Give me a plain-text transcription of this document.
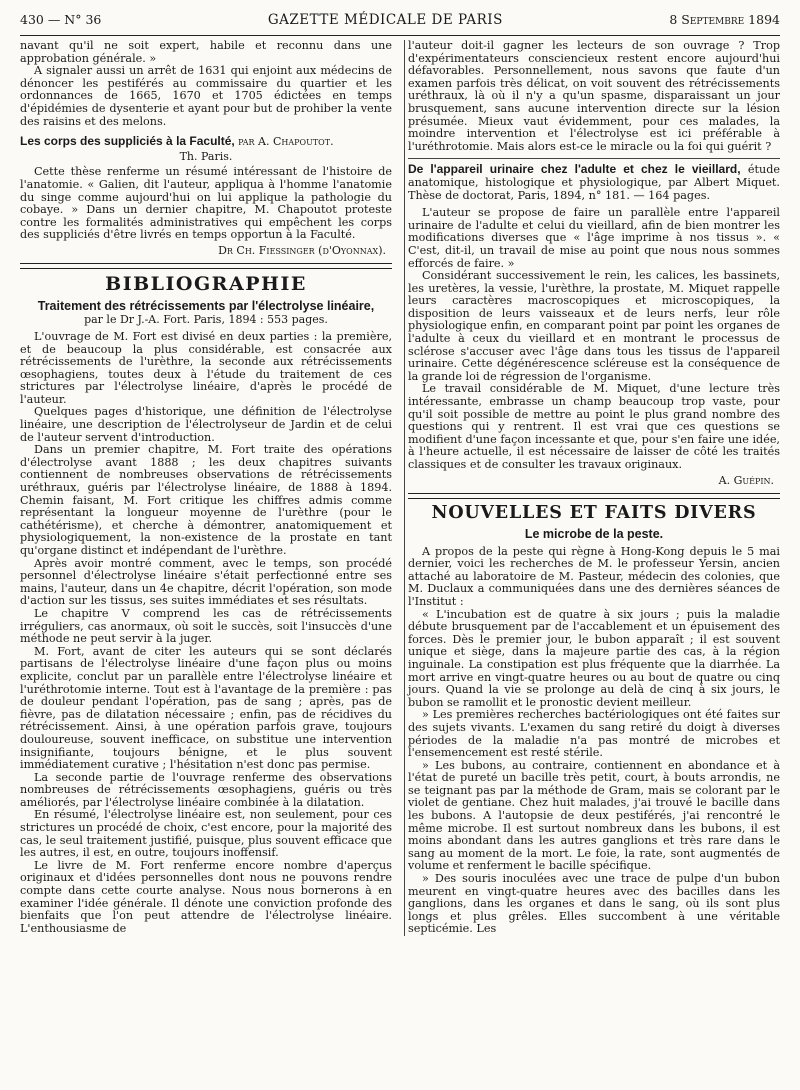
430 — N° 36	GAZETTE MÉDICALE DE PARIS	8 Septembre 1894

navant qu'il ne soit expert, habile et reconnu dans une approbation générale. »

A signaler aussi un arrêt de 1631 qui enjoint aux médecins de dénoncer les pestiférés au commissaire du quartier et les ordonnances de 1665, 1670 et 1705 édictées en temps d'épidémies de dysenterie et ayant pour but de prohiber la vente des raisins et des melons.

Les corps des suppliciés à la Faculté, par A. Chapoutot.
Th. Paris.

Cette thèse renferme un résumé intéressant de l'histoire de l'anatomie. « Galien, dit l'auteur, appliqua à l'homme l'anatomie du singe comme aujourd'hui on lui applique la pathologie du cobaye. » Dans un dernier chapitre, M. Chapoutot proteste contre les formalités administratives qui empêchent les corps des suppliciés d'être livrés en temps opportun à la Faculté.

Dr Ch. Fiessinger (d'Oyonnax).
BIBLIOGRAPHIE
Traitement des rétrécissements par l'électrolyse linéaire,
par le Dr J.-A. Fort. Paris, 1894 : 553 pages.

L'ouvrage de M. Fort est divisé en deux parties : la première, et de beaucoup la plus considérable, est consacrée aux rétrécissements de l'urèthre, la seconde aux rétrécissements œsophagiens, toutes deux à l'étude du traitement de ces strictures par l'électrolyse linéaire, d'après le procédé de l'auteur.

Quelques pages d'historique, une définition de l'électrolyse linéaire, une description de l'électrolyseur de Jardin et de celui de l'auteur servent d'introduction.

Dans un premier chapitre, M. Fort traite des opérations d'électrolyse avant 1888 ; les deux chapitres suivants contiennent de nombreuses observations de rétrécissements uréthraux, guéris par l'électrolyse linéaire, de 1888 à 1894. Chemin faisant, M. Fort critique les chiffres admis comme représentant la longueur moyenne de l'urèthre (pour le cathétérisme), et cherche à démontrer, anatomiquement et physiologiquement, la non-existence de la prostate en tant qu'organe distinct et indépendant de l'urèthre.

Après avoir montré comment, avec le temps, son procédé personnel d'électrolyse linéaire s'était perfectionné entre ses mains, l'auteur, dans un 4e chapitre, décrit l'opération, son mode d'action sur les tissus, ses suites immédiates et ses résultats.

Le chapitre V comprend les cas de rétrécissements irréguliers, cas anormaux, où soit le succès, soit l'insuccès d'une méthode ne peut servir à la juger.

M. Fort, avant de citer les auteurs qui se sont déclarés partisans de l'électrolyse linéaire d'une façon plus ou moins explicite, conclut par un parallèle entre l'électrolyse linéaire et l'uréthrotomie interne. Tout est à l'avantage de la première : pas de douleur pendant l'opération, pas de sang ; après, pas de fièvre, pas de dilatation nécessaire ; enfin, pas de récidives du rétrécissement. Ainsi, à une opération parfois grave, toujours douloureuse, souvent inefficace, on substitue une intervention insignifiante, toujours bénigne, et le plus souvent immédiatement curative ; l'hésitation n'est donc pas permise.

La seconde partie de l'ouvrage renferme des observations nombreuses de rétrécissements œsophagiens, guéris ou très améliorés, par l'électrolyse linéaire combinée à la dilatation.

En résumé, l'électrolyse linéaire est, non seulement, pour ces strictures un procédé de choix, c'est encore, pour la majorité des cas, le seul traitement justifié, puisque, plus souvent efficace que les autres, il est, en outre, toujours inoffensif.

Le livre de M. Fort renferme encore nombre d'aperçus originaux et d'idées personnelles dont nous ne pouvons rendre compte dans cette courte analyse. Nous nous bornerons à en examiner l'idée générale. Il dénote une conviction profonde des bienfaits que l'on peut attendre de l'électrolyse linéaire. L'enthousiasme de

l'auteur doit-il gagner les lecteurs de son ouvrage ? Trop d'expérimentateurs consciencieux restent encore aujourd'hui défavorables. Personnellement, nous savons que faute d'un examen parfois très délicat, on voit souvent des rétrécissements uréthraux, là où il n'y a qu'un spasme, disparaissant un jour brusquement, sans aucune intervention directe sur la lésion présumée. Mieux vaut évidemment, pour ces malades, la moindre intervention et l'électrolyse est ici préférable à l'uréthrotomie. Mais alors est-ce le miracle ou la foi qui guérit ?

De l'appareil urinaire chez l'adulte et chez le vieillard, étude anatomique, histologique et physiologique, par Albert Miquet. Thèse de doctorat, Paris, 1894, n° 181. — 164 pages.

L'auteur se propose de faire un parallèle entre l'appareil urinaire de l'adulte et celui du vieillard, afin de bien montrer les modifications diverses que « l'âge imprime à nos tissus ». « C'est, dit-il, un travail de mise au point que nous nous sommes efforcés de faire. »

Considérant successivement le rein, les calices, les bassinets, les uretères, la vessie, l'urèthre, la prostate, M. Miquet rappelle leurs caractères macroscopiques et microscopiques, la disposition de leurs vaisseaux et de leurs nerfs, leur rôle physiologique enfin, en comparant point par point les organes de l'adulte à ceux du vieillard et en montrant le processus de sclérose s'accuser avec l'âge dans tous les tissus de l'appareil urinaire. Cette dégénérescence scléreuse est la conséquence de la grande loi de régression de l'organisme.

Le travail considérable de M. Miquet, d'une lecture très intéressante, embrasse un champ beaucoup trop vaste, pour qu'il soit possible de mettre au point le plus grand nombre des questions qui y rentrent. Il est vrai que ces questions se modifient d'une façon incessante et que, pour s'en faire une idée, à l'heure actuelle, il est nécessaire de laisser de côté les traités classiques et de consulter les travaux originaux.

A. Guépin.
NOUVELLES ET FAITS DIVERS
Le microbe de la peste.

A propos de la peste qui règne à Hong-Kong depuis le 5 mai dernier, voici les recherches de M. le professeur Yersin, ancien attaché au laboratoire de M. Pasteur, médecin des colonies, que M. Duclaux a communiquées dans une des dernières séances de l'Institut :

« L'incubation est de quatre à six jours ; puis la maladie débute brusquement par de l'accablement et un épuisement des forces. Dès le premier jour, le bubon apparaît ; il est souvent unique et siège, dans la majeure partie des cas, à la région inguinale. La constipation est plus fréquente que la diarrhée. La mort arrive en vingt-quatre heures ou au bout de quatre ou cinq jours. Quand la vie se prolonge au delà de cinq à six jours, le bubon se ramollit et le pronostic devient meilleur.

» Les premières recherches bactériologiques ont été faites sur des sujets vivants. L'examen du sang retiré du doigt à diverses périodes de la maladie n'a pas montré de microbes et l'ensemencement est resté stérile.

» Les bubons, au contraire, contiennent en abondance et à l'état de pureté un bacille très petit, court, à bouts arrondis, ne se teignant pas par la méthode de Gram, mais se colorant par le violet de gentiane. Chez huit malades, j'ai trouvé le bacille dans les bubons. A l'autopsie de deux pestiférés, j'ai rencontré le même microbe. Il est surtout nombreux dans les bubons, il est moins abondant dans les autres ganglions et très rare dans le sang au moment de la mort. Le foie, la rate, sont augmentés de volume et renferment le bacille spécifique.

» Des souris inoculées avec une trace de pulpe d'un bubon meurent en vingt-quatre heures avec des bacilles dans les ganglions, dans les organes et dans le sang, où ils sont plus longs et plus grêles. Elles succombent à une véritable septicémie. Les
